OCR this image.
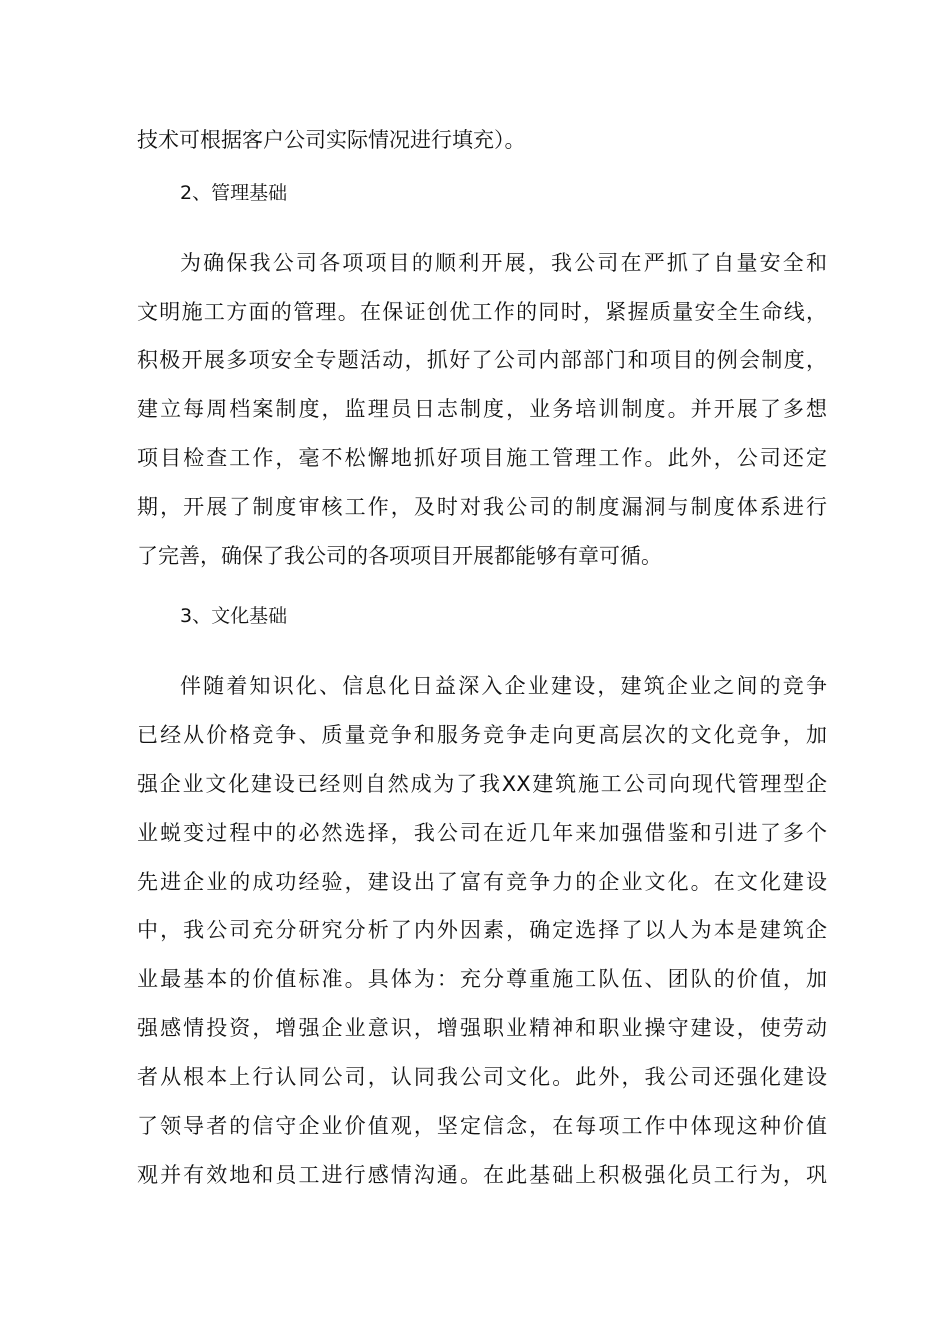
技术可根据客户公司实际情况进行填充）。
2、管理基础
为确保我公司各项项目的顺利开展，我公司在严抓了自量安全和
文明施工方面的管理。在保证创优工作的同时，紧握质量安全生命线，
积极开展多项安全专题活动，抓好了公司内部部门和项目的例会制度，
建立每周档案制度，监理员日志制度，业务培训制度。并开展了多想
项目检查工作，毫不松懈地抓好项目施工管理工作。此外，公司还定
期，开展了制度审核工作，及时对我公司的制度漏洞与制度体系进行
了完善，确保了我公司的各项项目开展都能够有章可循。
3、文化基础
伴随着知识化、信息化日益深入企业建设，建筑企业之间的竞争
已经从价格竞争、质量竞争和服务竞争走向更高层次的文化竞争，加
强企业文化建设已经则自然成为了我XX建筑施工公司向现代管理型企
业蜕变过程中的必然选择，我公司在近几年来加强借鉴和引进了多个
先进企业的成功经验，建设出了富有竞争力的企业文化。在文化建设
中，我公司充分研究分析了内外因素，确定选择了以人为本是建筑企
业最基本的价值标准。具体为：充分尊重施工队伍、团队的价值，加
强感情投资，增强企业意识，增强职业精神和职业操守建设，使劳动
者从根本上行认同公司，认同我公司文化。此外，我公司还强化建设
了领导者的信守企业价值观，坚定信念，在每项工作中体现这种价值
观并有效地和员工进行感情沟通。在此基础上积极强化员工行为，巩
